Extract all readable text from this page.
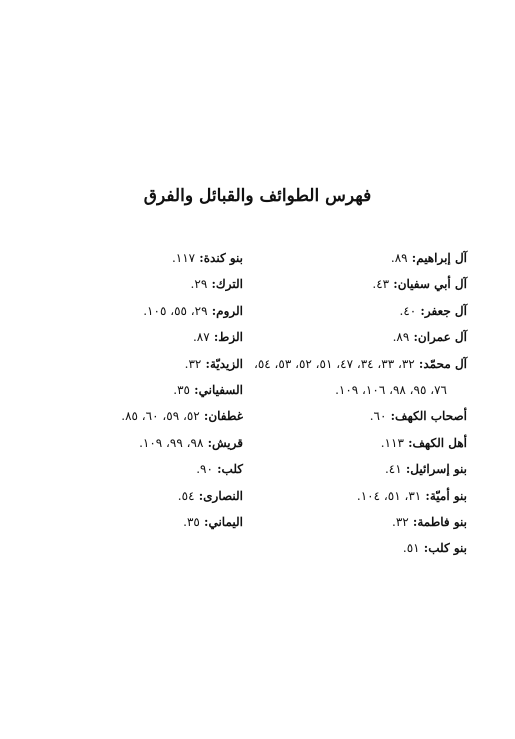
فهرس الطوائف والقبائل والفرق
آل إبراهيم: ٨٩.
آل أبي سفيان: ٤٣.
آل جعفر: ٤٠.
آل عمران: ٨٩.
آل محمّد: ٣٢، ٣٣، ٣٤، ٤٧، ٥١، ٥٢، ٥٣، ٥٤،
٧٦، ٩٥، ٩٨، ١٠٦، ١٠٩.
أصحاب الكهف: ٦٠.
أهل الكهف: ١١٣.
بنو إسرائيل: ٤١.
بنو أميّة: ٣١، ٥١، ١٠٤.
بنو فاطمة: ٣٢.
بنو كلب: ٥١.
بنو كندة: ١١٧.
الترك: ٢٩.
الروم: ٢٩، ٥٥، ١٠٥.
الزط: ٨٧.
الزيديّة: ٣٢.
السفياني: ٣٥.
غطفان: ٥٢، ٥٩، ٦٠، ٨٥.
قريش: ٩٨، ٩٩، ١٠٩.
كلب: ٩٠.
النصارى: ٥٤.
اليماني: ٣٥.
